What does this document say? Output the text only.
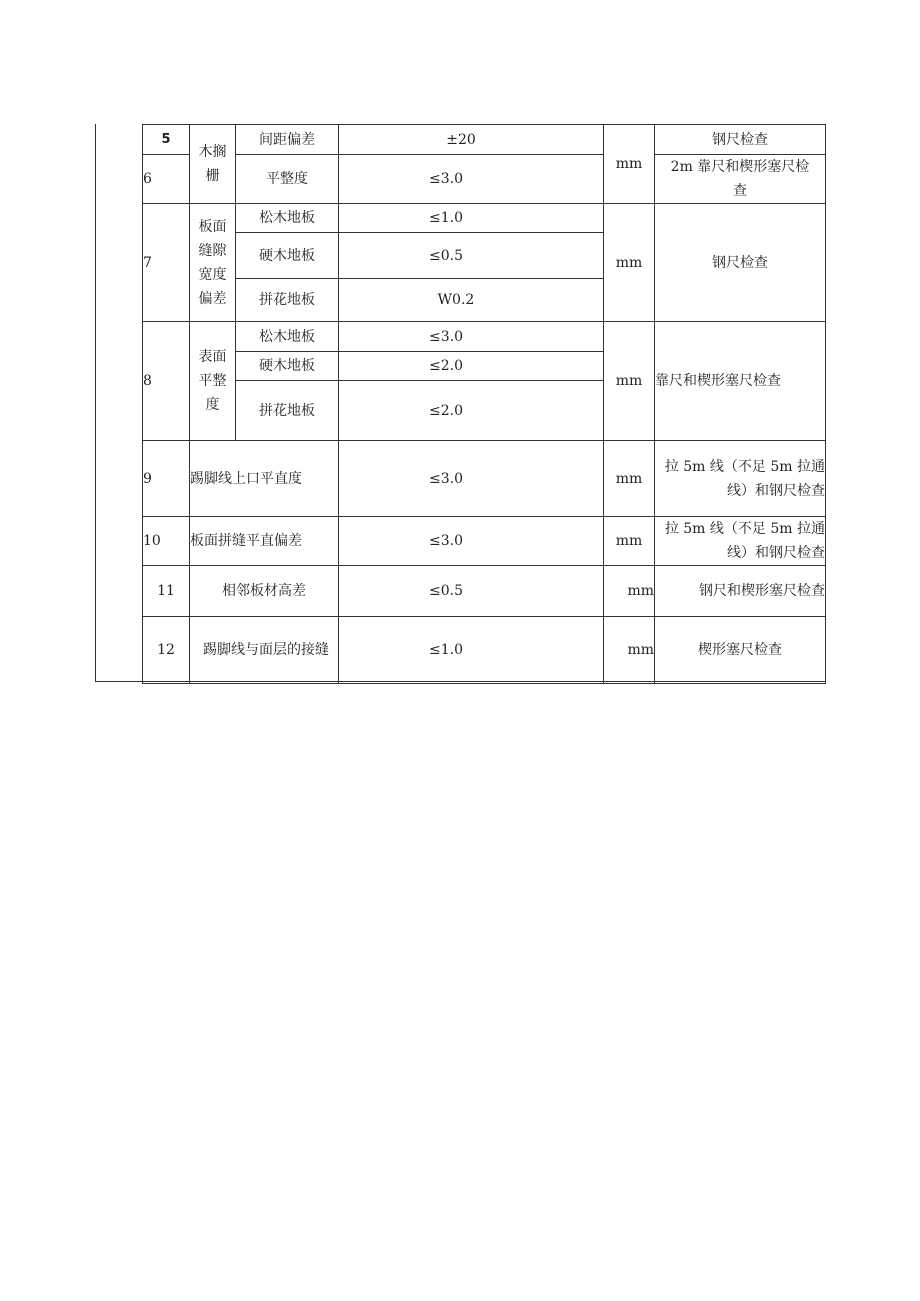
5	木搁栅	间距偏差	±20	mm	钢尺检查
6		平整度	≤3.0		2m 靠尺和楔形塞尺检查
7	板面缝隙宽度偏差	松木地板	≤1.0	mm	钢尺检查
		硬木地板	≤0.5		
		拼花地板	W0.2		
8	表面平整度	松木地板	≤3.0	mm	靠尺和楔形塞尺检查
		硬木地板	≤2.0		
		拼花地板	≤2.0		
9	踢脚线上口平直度		≤3.0	mm	拉 5m 线（不足 5m 拉通线）和钢尺检查
10	板面拼缝平直偏差		≤3.0	mm	拉 5m 线（不足 5m 拉通线）和钢尺检查
11	相邻板材高差		≤0.5	mm	钢尺和楔形塞尺检查
12	踢脚线与面层的接缝		≤1.0	mm	楔形塞尺检查
